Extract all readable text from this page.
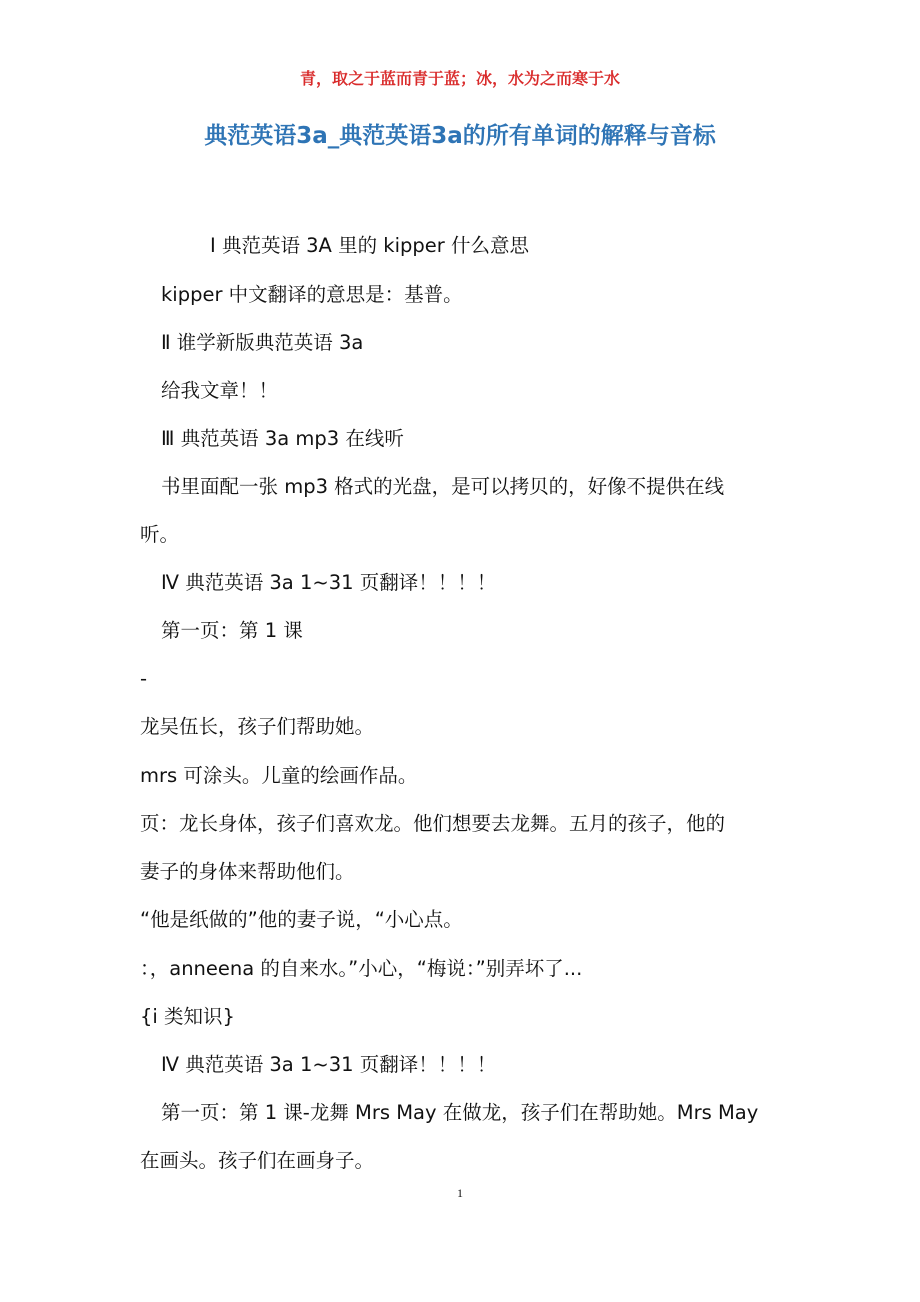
青，取之于蓝而青于蓝；冰，水为之而寒于水
典范英语3a_典范英语3a的所有单词的解释与音标
Ⅰ 典范英语 3A 里的 kipper 什么意思
kipper 中文翻译的意思是：基普。
Ⅱ 谁学新版典范英语 3a
给我文章！！
Ⅲ 典范英语 3a mp3 在线听
书里面配一张 mp3 格式的光盘，是可以拷贝的，好像不提供在线
听。
Ⅳ 典范英语 3a 1~31 页翻译！！！！
第一页：第 1 课
-
龙吴伍长，孩子们帮助她。
mrs 可涂头。儿童的绘画作品。
页：龙长身体，孩子们喜欢龙。他们想要去龙舞。五月的孩子，他的
妻子的身体来帮助他们。
“他是纸做的”他的妻子说，“小心点。
：，anneena 的自来水。”小心，“梅说：”别弄坏了...
{i 类知识}
Ⅳ 典范英语 3a 1~31 页翻译！！！！
第一页：第 1 课-龙舞 Mrs May 在做龙，孩子们在帮助她。Mrs May
在画头。孩子们在画身子。
1
